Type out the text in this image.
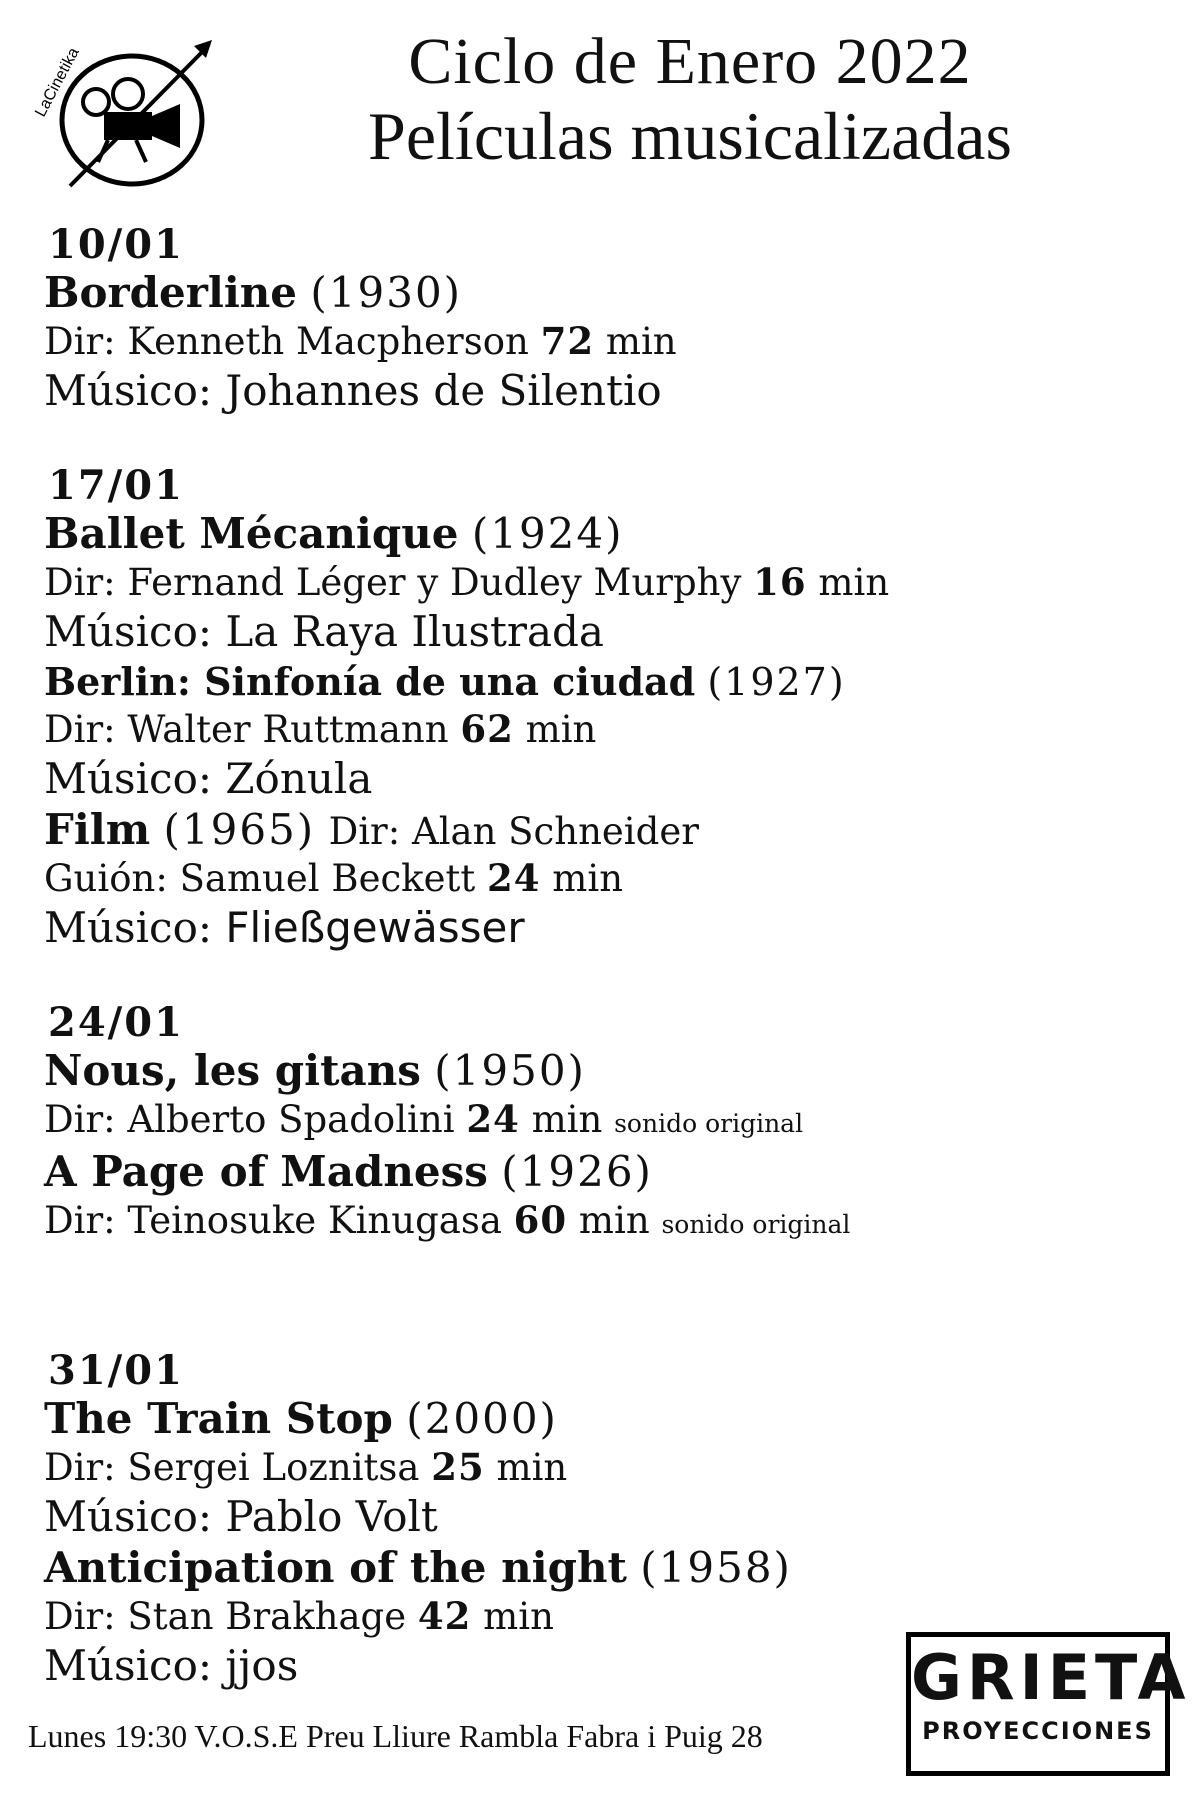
LaCinetika	Ciclo de Enero 2022
Películas musicalizadas
10/01
Borderline (1930)
Dir: Kenneth Macpherson 72 min
Músico: Johannes de Silentio
17/01
Ballet Mécanique (1924)
Dir: Fernand Léger y Dudley Murphy 16 min
Músico: La Raya Ilustrada
Berlin: Sinfonía de una ciudad (1927)
Dir: Walter Ruttmann 62 min
Músico: Zónula
Film (1965) Dir: Alan Schneider
Guión: Samuel Beckett 24 min
Músico: Fließgewässer
24/01
Nous, les gitans (1950)
Dir: Alberto Spadolini 24 min sonido original
A Page of Madness (1926)
Dir: Teinosuke Kinugasa 60 min sonido original
31/01
The Train Stop (2000)
Dir: Sergei Loznitsa 25 min
Músico: Pablo Volt
Anticipation of the night (1958)
Dir: Stan Brakhage 42 min
Músico: jjos
Lunes 19:30 V.O.S.E Preu Lliure Rambla Fabra i Puig 28
GRIETA
PROYECCIONES
